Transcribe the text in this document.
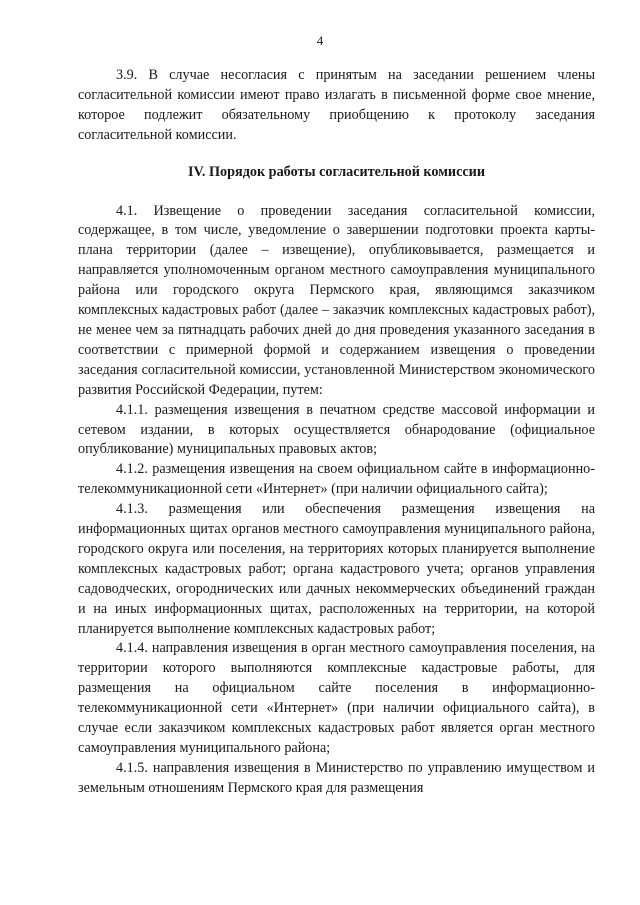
4

3.9. В случае несогласия с принятым на заседании решением члены согласительной комиссии имеют право излагать в письменной форме свое мнение, которое подлежит обязательному приобщению к протоколу заседания согласительной комиссии.

IV. Порядок работы согласительной комиссии

4.1. Извещение о проведении заседания согласительной комиссии, содержащее, в том числе, уведомление о завершении подготовки проекта карты-плана территории (далее – извещение), опубликовывается, размещается и направляется уполномоченным органом местного самоуправления муниципального района или городского округа Пермского края, являющимся заказчиком комплексных кадастровых работ (далее – заказчик комплексных кадастровых работ), не менее чем за пятнадцать рабочих дней до дня проведения указанного заседания в соответствии с примерной формой и содержанием извещения о проведении заседания согласительной комиссии, установленной Министерством экономического развития Российской Федерации, путем:

4.1.1. размещения извещения в печатном средстве массовой информации и сетевом издании, в которых осуществляется обнародование (официальное опубликование) муниципальных правовых актов;

4.1.2. размещения извещения на своем официальном сайте в информационно-телекоммуникационной сети «Интернет» (при наличии официального сайта);

4.1.3. размещения или обеспечения размещения извещения на информационных щитах органов местного самоуправления муниципального района, городского округа или поселения, на территориях которых планируется выполнение комплексных кадастровых работ; органа кадастрового учета; органов управления садоводческих, огороднических или дачных некоммерческих объединений граждан и на иных информационных щитах, расположенных на территории, на которой планируется выполнение комплексных кадастровых работ;

4.1.4. направления извещения в орган местного самоуправления поселения, на территории которого выполняются комплексные кадастровые работы, для размещения на официальном сайте поселения в информационно-телекоммуникационной сети «Интернет» (при наличии официального сайта), в случае если заказчиком комплексных кадастровых работ является орган местного самоуправления муниципального района;

4.1.5. направления извещения в Министерство по управлению имуществом и земельным отношениям Пермского края для размещения
